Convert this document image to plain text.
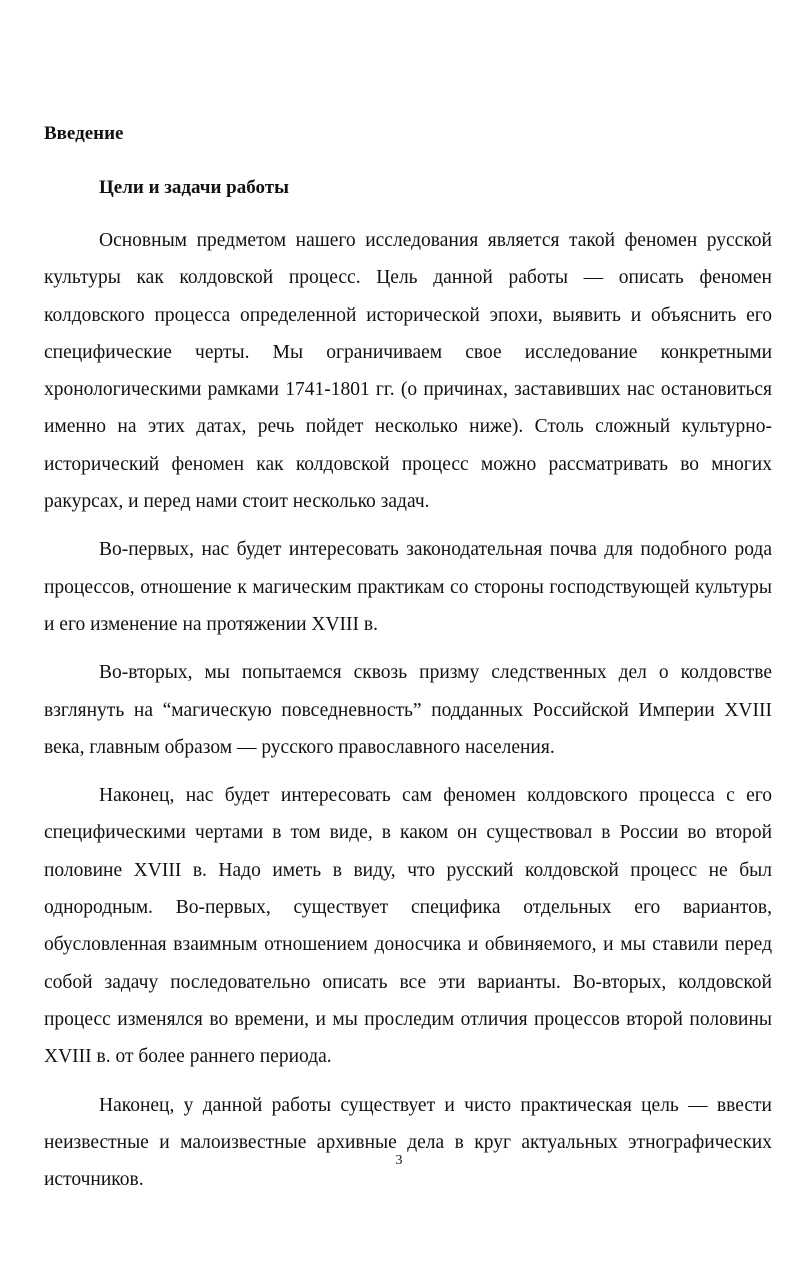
Введение
Цели и задачи работы

Основным предметом нашего исследования является такой феномен русской культуры как колдовской процесс. Цель данной работы — описать феномен колдовского процесса определенной исторической эпохи, выявить и объяснить его специфические черты. Мы ограничиваем свое исследование конкретными хронологическими рамками 1741-1801 гг. (о причинах, заставивших нас остановиться именно на этих датах, речь пойдет несколько ниже). Столь сложный культурно-исторический феномен как колдовской процесс можно рассматривать во многих ракурсах, и перед нами стоит несколько задач.

Во-первых, нас будет интересовать законодательная почва для подобного рода процессов, отношение к магическим практикам со стороны господствующей культуры и его изменение на протяжении XVIII в.

Во-вторых, мы попытаемся сквозь призму следственных дел о колдовстве взглянуть на “магическую повседневность” подданных Российской Империи XVIII века, главным образом — русского православного населения.

Наконец, нас будет интересовать сам феномен колдовского процесса с его специфическими чертами в том виде, в каком он существовал в России во второй половине XVIII в. Надо иметь в виду, что русский колдовской процесс не был однородным. Во-первых, существует специфика отдельных его вариантов, обусловленная взаимным отношением доносчика и обвиняемого, и мы ставили перед собой задачу последовательно описать все эти варианты. Во-вторых, колдовской процесс изменялся во времени, и мы проследим отличия процессов второй половины XVIII в. от более раннего периода.

Наконец, у данной работы существует и чисто практическая цель — ввести неизвестные и малоизвестные архивные дела в круг актуальных этнографических источников.

3
